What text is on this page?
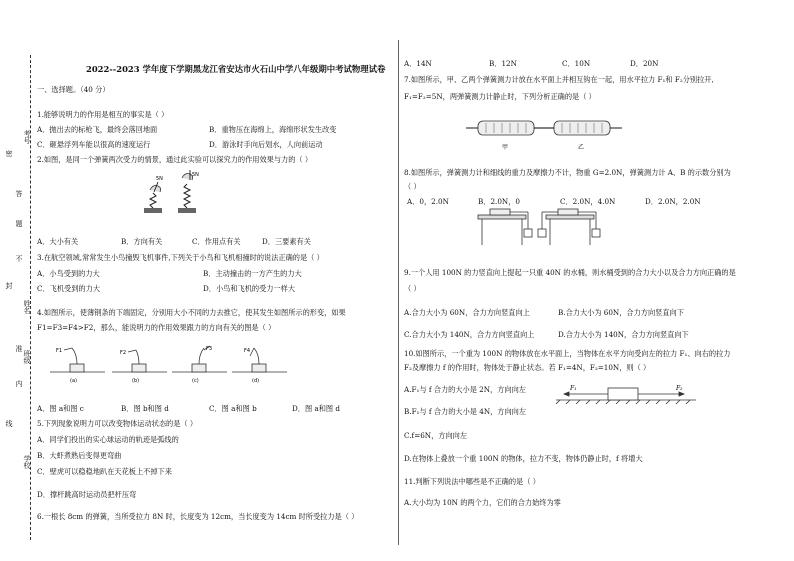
密
封
线
答
题
不
准
内
学校
姓名
班级
考号
2022--2023 学年度下学期黑龙江省安达市火石山中学八年级期中考试物理试卷
一、选择题。（40 分）
1.能够说明力的作用是相互的事实是（ ）
A．抛出去的标枪飞，最终会落回地面	B．重物压在海绵上，海绵形状发生改变
C．砸悬浮列车能以很高的速度运行	D．游泳时手向后划水，人向前运动
2.如图，是同一个弹簧两次受力的情景，通过此实验可以探究力的作用效果与力的（ ）
5N
5N
A．大小有关	B．方向有关	C．作用点有关	D．三要素有关
3.在航空领域,常常发生小鸟撞毁飞机事件,下列关于小鸟和飞机相撞时的说法正确的是（ ）
A．小鸟受到的力大	B．主动撞击的一方产生的力大
C．飞机受到的力大	D．小鸟和飞机的受力一样大
4.如图所示，使薄钢条的下端固定，分别用大小不同的力去推它，使其发生如图所示的形变，如果
F1=F3=F4>F2，那么，能说明力的作用效果跟力的方向有关的图是（ ）
F1	F2
F3	F4
(a)	(b)	(c)	(d)
A．图 a和图 c	B．图 b和图 d	C．图 a和图 b	D．图 a和图 d
5.下列现象说明力可以改变物体运动状态的是（ ）
A．同学们投出的实心球运动的轨迹是弧线的
B．大虾煮熟后变得更弯曲
C．壁虎可以稳稳地趴在天花板上不掉下来
D．撑杆跳高时运动员把杆压弯
6.一根长 8cm 的弹簧，当所受拉力 8N 时，长度变为 12cm，当长度变为 14cm 时所受拉力是（ ）
A．14N	B．12N	C．10N	D．20N
7.如图所示，甲、乙两个弹簧测力计放在水平面上并相互钩在一起，用水平拉力 F₁和 F₂分别拉开,
F₁=F₂=5N，两弹簧测力计静止时，下列分析正确的是（ ）
甲	乙
8.如图所示，弹簧测力计和细线的重力及摩擦力不计，物重 G=2.0N，弹簧测力计 A、B 的示数分别为
（ ）
A．0，2.0N	B．2.0N，0	C．2.0N，4.0N	D．2.0N，2.0N
9.一个人用 100N 的力竖直向上提起一只重 40N 的水桶，则水桶受到的合力大小以及合力方向正确的是
（ ）
A.合力大小为 60N，合力方向竖直向上	B.合力大小为 60N，合力方向竖直向下
C.合力大小为 140N，合力方向竖直向上	D.合力大小为 140N，合力方向竖直向下
10.如图所示，一个重为 100N 的物体放在水平面上，当物体在水平方向受向左的拉力 F₁、向右的拉力
F₂及摩擦力 f 的作用时，物体处于静止状态。若 F₁=4N，F₂=10N，则（ ）
A.F₁与 f 合力的大小是 2N，方向向左
B.F₁与 f 合力的大小是 4N，方向向左
C.f=6N，方向向左
D.在物体上叠放一个重 100N 的物体，拉力不变，物体仍静止时，f 将增大
F₁	F₂
11.判断下列说法中哪些是不正确的是（ ）
A.大小均为 10N 的两个力，它们的合力始终为零
